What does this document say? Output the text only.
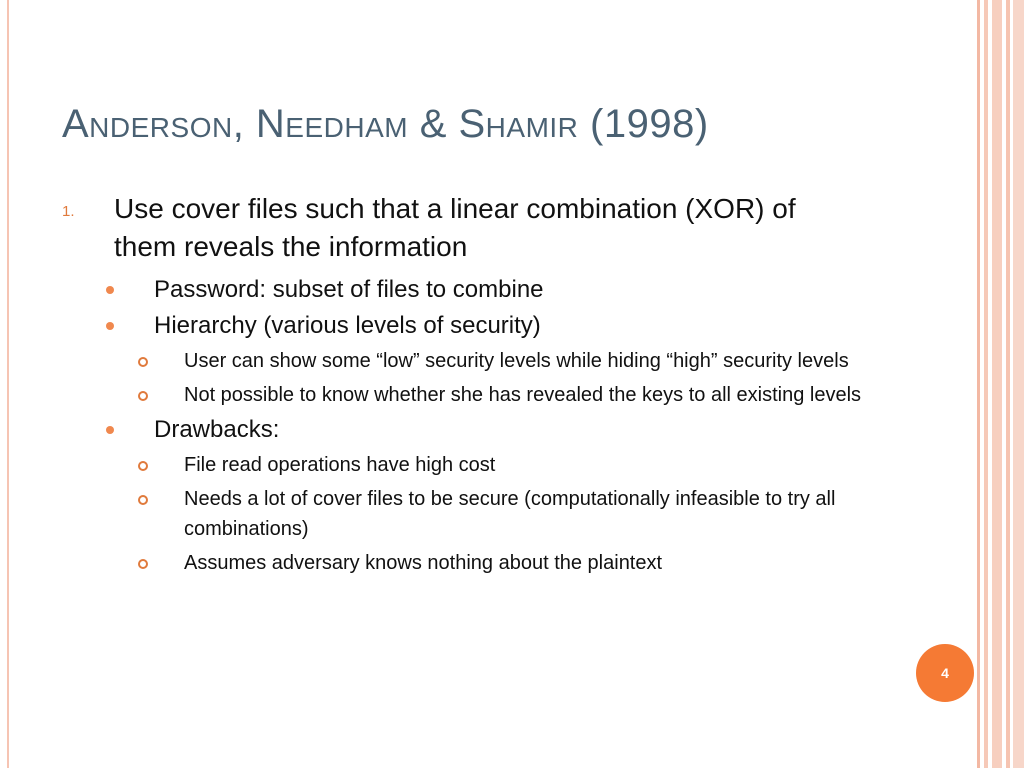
Anderson, Needham & Shamir (1998)
1. Use cover files such that a linear combination (XOR) of them reveals the information
Password: subset of files to combine
Hierarchy (various levels of security)
User can show some “low” security levels while hiding “high” security levels
Not possible to know whether she has revealed the keys to all existing levels
Drawbacks:
File read operations have high cost
Needs a lot of cover files to be secure (computationally infeasible to try all combinations)
Assumes adversary knows nothing about the plaintext
4
